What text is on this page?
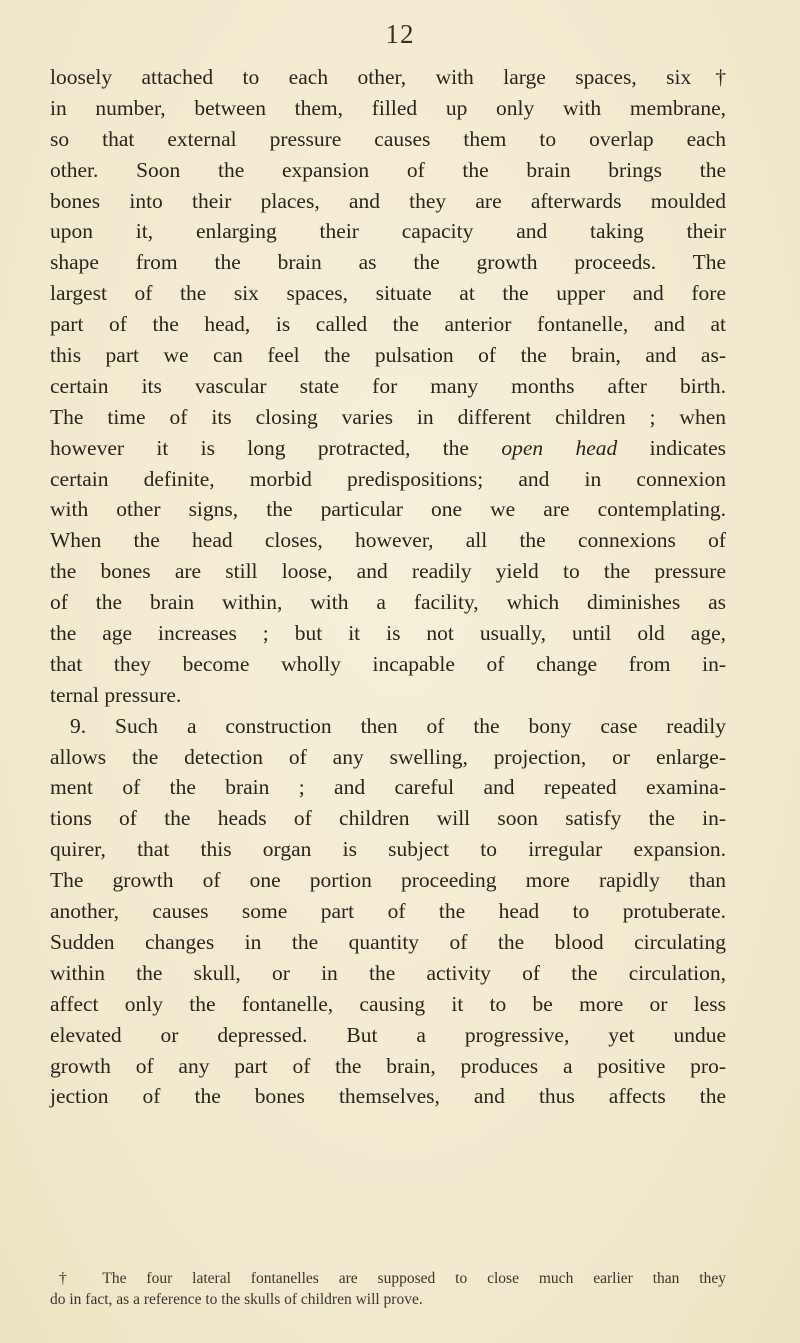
12
loosely attached to each other, with large spaces, six†
in number, between them, filled up only with membrane,
so that external pressure causes them to overlap each
other. Soon the expansion of the brain brings the
bones into their places, and they are afterwards moulded
upon it, enlarging their capacity and taking their
shape from the brain as the growth proceeds. The
largest of the six spaces, situate at the upper and fore
part of the head, is called the anterior fontanelle, and at
this part we can feel the pulsation of the brain, and as-
certain its vascular state for many months after birth.
The time of its closing varies in different children ; when
however it is long protracted, the open head indicates
certain definite, morbid predispositions; and in connexion
with other signs, the particular one we are contemplating.
When the head closes, however, all the connexions of
the bones are still loose, and readily yield to the pressure
of the brain within, with a facility, which diminishes as
the age increases ; but it is not usually, until old age,
that they become wholly incapable of change from in-
ternal pressure.
9. Such a construction then of the bony case readily
allows the detection of any swelling, projection, or enlarge-
ment of the brain ; and careful and repeated examina-
tions of the heads of children will soon satisfy the in-
quirer, that this organ is subject to irregular expansion.
The growth of one portion proceeding more rapidly than
another, causes some part of the head to protuberate.
Sudden changes in the quantity of the blood circulating
within the skull, or in the activity of the circulation,
affect only the fontanelle, causing it to be more or less
elevated or depressed. But a progressive, yet undue
growth of any part of the brain, produces a positive pro-
jection of the bones themselves, and thus affects the
† The four lateral fontanelles are supposed to close much earlier than they
do in fact, as a reference to the skulls of children will prove.
